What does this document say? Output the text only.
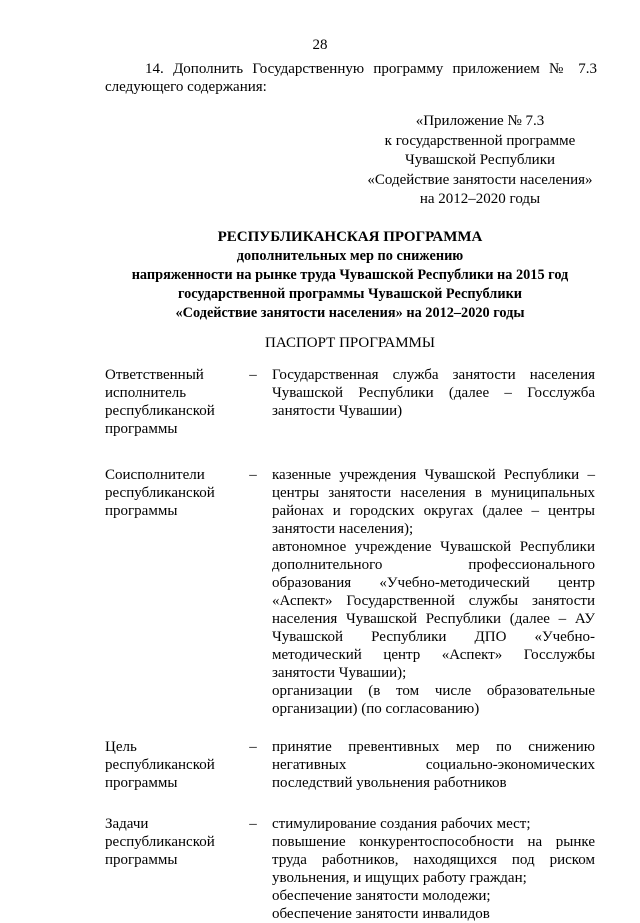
28
14. Дополнить Государственную программу приложением № 7.3 следующего содержания:
«Приложение № 7.3
к государственной программе
Чувашской Республики
«Содействие занятости населения»
на 2012–2020 годы
РЕСПУБЛИКАНСКАЯ ПРОГРАММА
дополнительных мер по снижению
напряженности на рынке труда Чувашской Республики на 2015 год
государственной программы Чувашской Республики
«Содействие занятости населения» на 2012–2020 годы
ПАСПОРТ ПРОГРАММЫ
Ответственный исполнитель республиканской программы
– Государственная служба занятости населения Чувашской Республики (далее – Госслужба занятости Чувашии)
Соисполнители республиканской программы
– казенные учреждения Чувашской Республики – центры занятости населения в муниципальных районах и городских округах (далее – центры занятости населения);
автономное учреждение Чувашской Республики дополнительного профессионального образования «Учебно-методический центр «Аспект» Государственной службы занятости населения Чувашской Республики (далее – АУ Чувашской Республики ДПО «Учебно-методический центр «Аспект» Госслужбы занятости Чувашии);
организации (в том числе образовательные организации) (по согласованию)
Цель республиканской программы
– принятие превентивных мер по снижению негативных социально-экономических последствий увольнения работников
Задачи республиканской программы
– стимулирование создания рабочих мест;
повышение конкурентоспособности на рынке труда работников, находящихся под риском увольнения, и ищущих работу граждан;
обеспечение занятости молодежи;
обеспечение занятости инвалидов
